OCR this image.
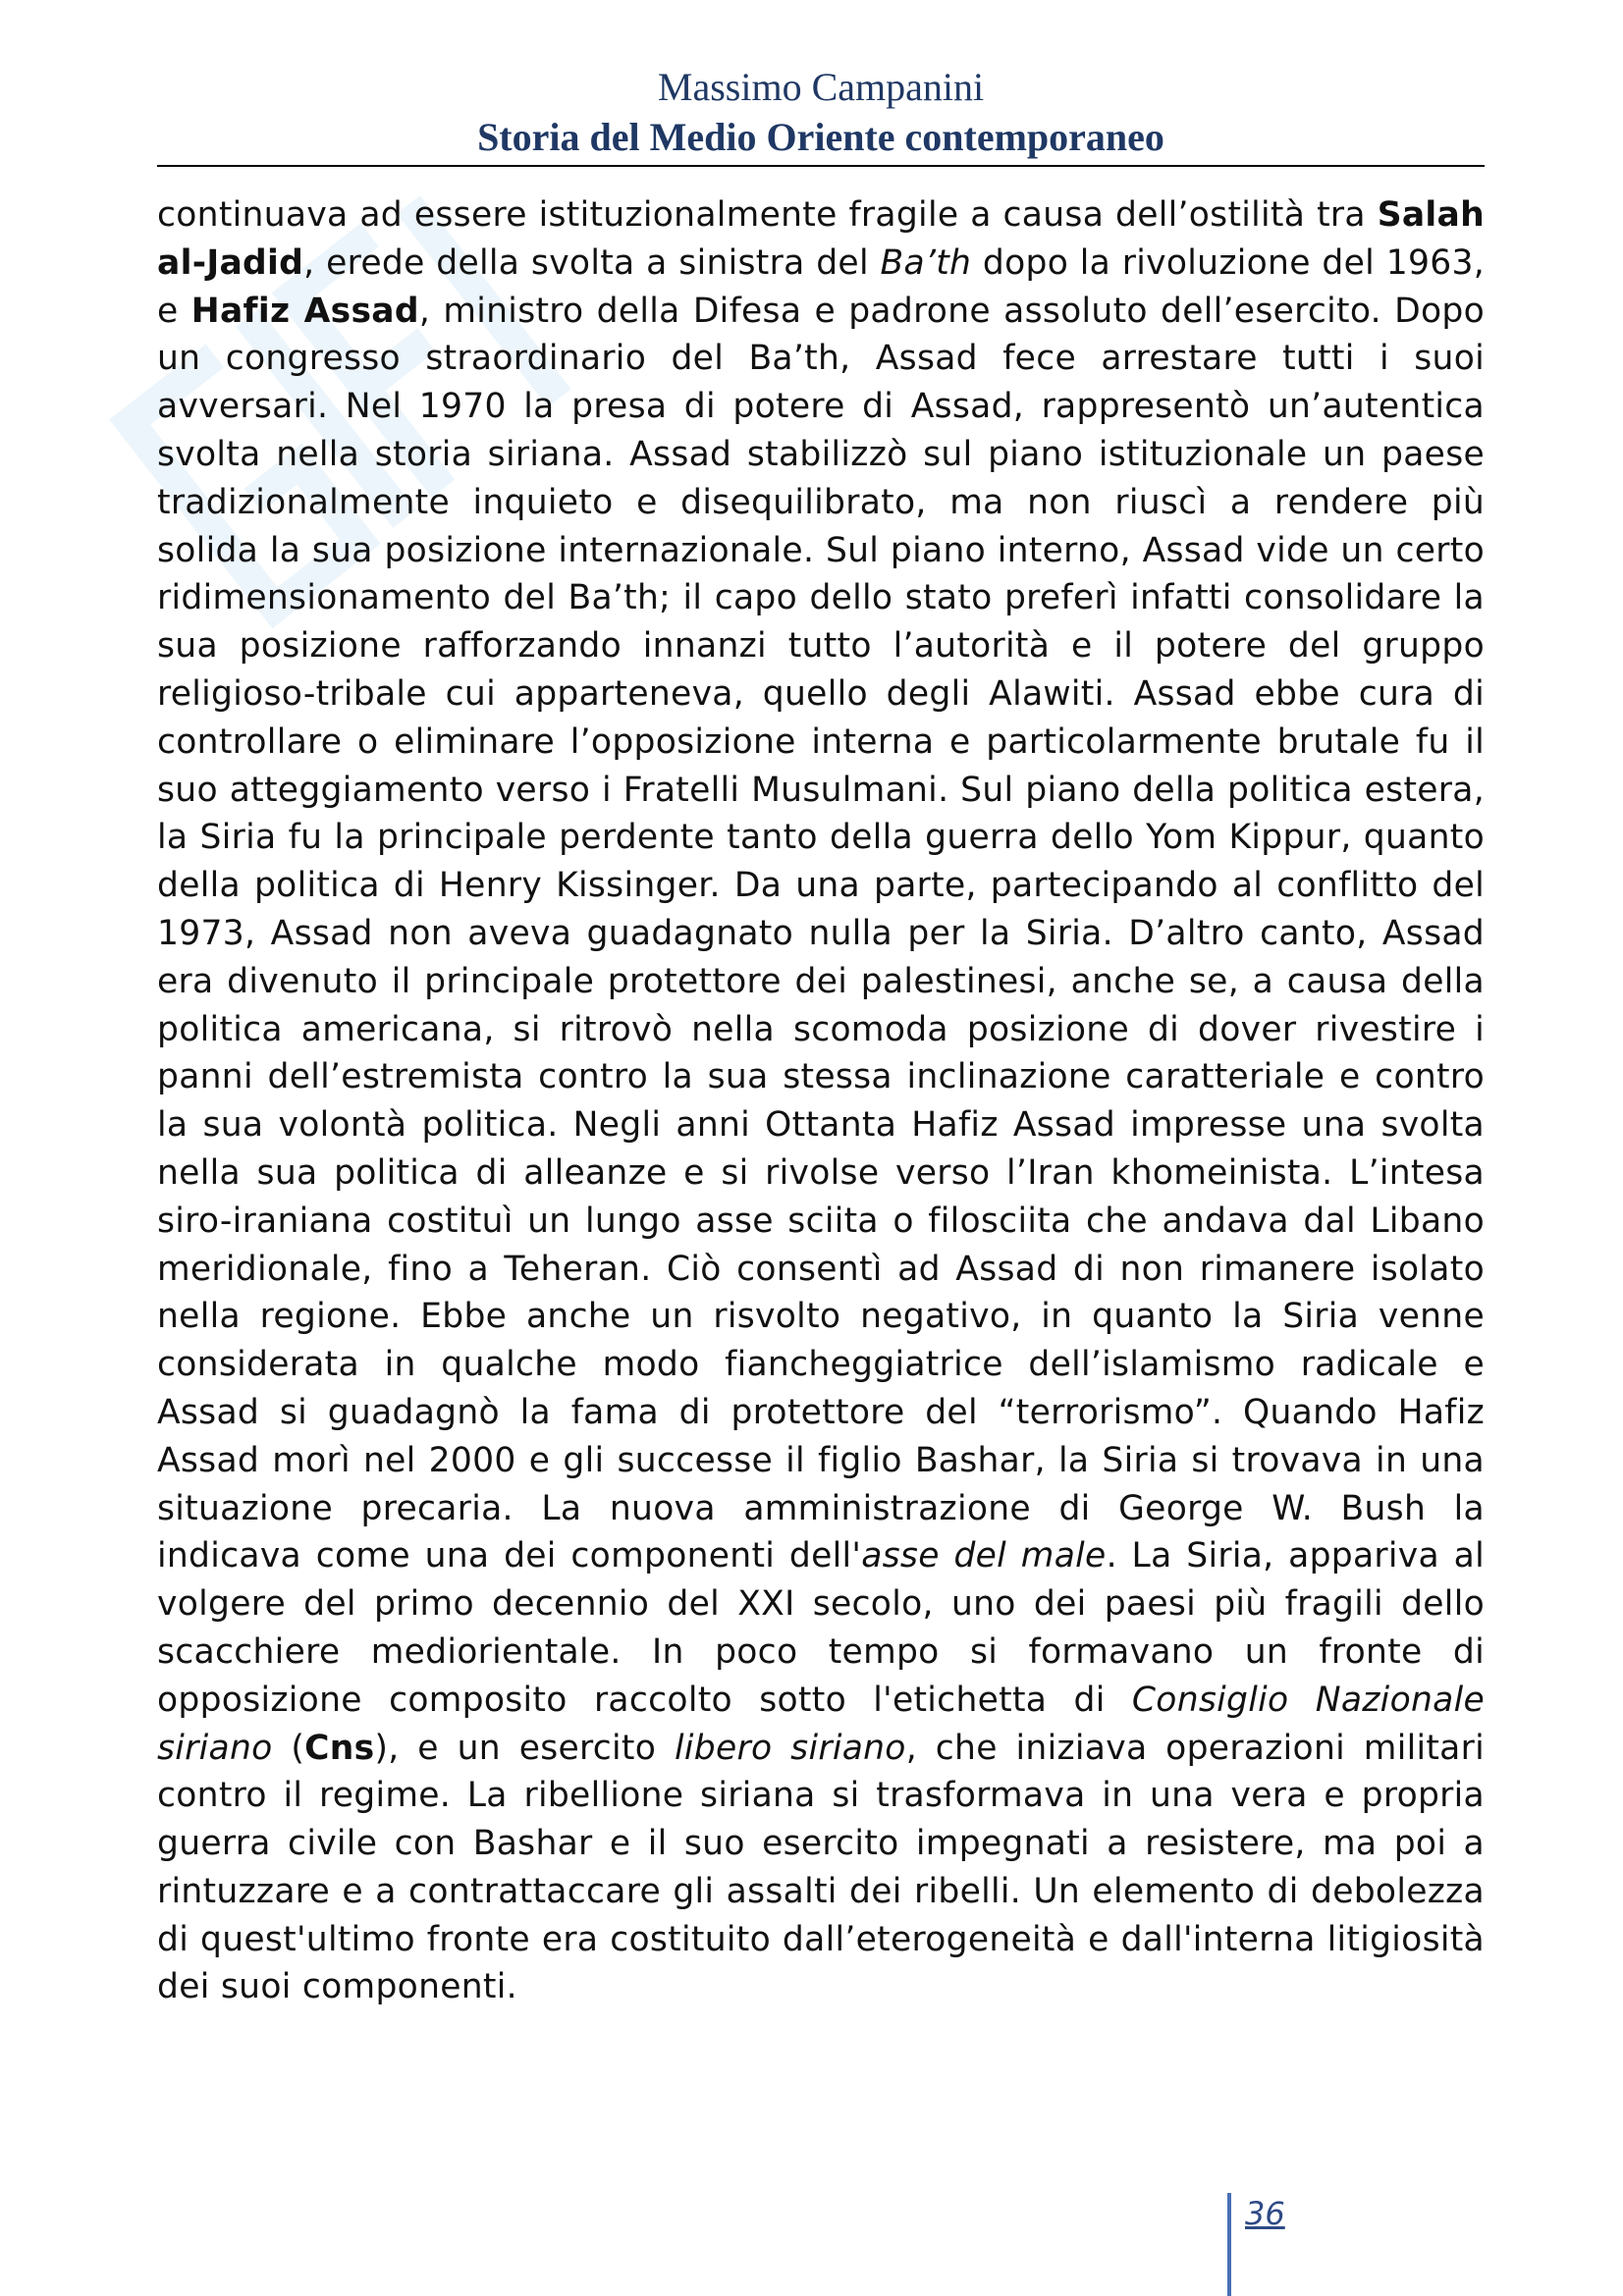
Massimo Campanini
Storia del Medio Oriente contemporaneo

continuava ad essere istituzionalmente fragile a causa dell’ostilità tra Salah al-Jadid, erede della svolta a sinistra del Ba’th dopo la rivoluzione del 1963, e Hafiz Assad, ministro della Difesa e padrone assoluto dell’esercito. Dopo un congresso straordinario del Ba’th, Assad fece arrestare tutti i suoi avversari. Nel 1970 la presa di potere di Assad, rappresentò un’autentica svolta nella storia siriana. Assad stabilizzò sul piano istituzionale un paese tradizionalmente inquieto e disequilibrato, ma non riuscì a rendere più solida la sua posizione internazionale. Sul piano interno, Assad vide un certo ridimensionamento del Ba’th; il capo dello stato preferì infatti consolidare la sua posizione rafforzando innanzi tutto l’autorità e il potere del gruppo religioso-tribale cui apparteneva, quello degli Alawiti. Assad ebbe cura di controllare o eliminare l’opposizione interna e particolarmente brutale fu il suo atteggiamento verso i Fratelli Musulmani. Sul piano della politica estera, la Siria fu la principale perdente tanto della guerra dello Yom Kippur, quanto della politica di Henry Kissinger. Da una parte, partecipando al conflitto del 1973, Assad non aveva guadagnato nulla per la Siria. D’altro canto, Assad era divenuto il principale protettore dei palestinesi, anche se, a causa della politica americana, si ritrovò nella scomoda posizione di dover rivestire i panni dell’estremista contro la sua stessa inclinazione caratteriale e contro la sua volontà politica. Negli anni Ottanta Hafiz Assad impresse una svolta nella sua politica di alleanze e si rivolse verso l’Iran khomeinista. L’intesa siro-iraniana costituì un lungo asse sciita o filosciita che andava dal Libano meridionale, fino a Teheran. Ciò consentì ad Assad di non rimanere isolato nella regione. Ebbe anche un risvolto negativo, in quanto la Siria venne considerata in qualche modo fiancheggiatrice dell’islamismo radicale e Assad si guadagnò la fama di protettore del “terrorismo”. Quando Hafiz Assad morì nel 2000 e gli successe il figlio Bashar, la Siria si trovava in una situazione precaria. La nuova amministrazione di George W. Bush la indicava come una dei componenti dell'asse del male. La Siria, appariva al volgere del primo decennio del XXI secolo, uno dei paesi più fragili dello scacchiere mediorientale. In poco tempo si formavano un fronte di opposizione composito raccolto sotto l'etichetta di Consiglio Nazionale siriano (Cns), e un esercito libero siriano, che iniziava operazioni militari contro il regime. La ribellione siriana si trasformava in una vera e propria guerra civile con Bashar e il suo esercito impegnati a resistere, ma poi a rintuzzare e a contrattaccare gli assalti dei ribelli. Un elemento di debolezza di quest'ultimo fronte era costituito dall’eterogeneità e dall'interna litigiosità dei suoi componenti.

36
